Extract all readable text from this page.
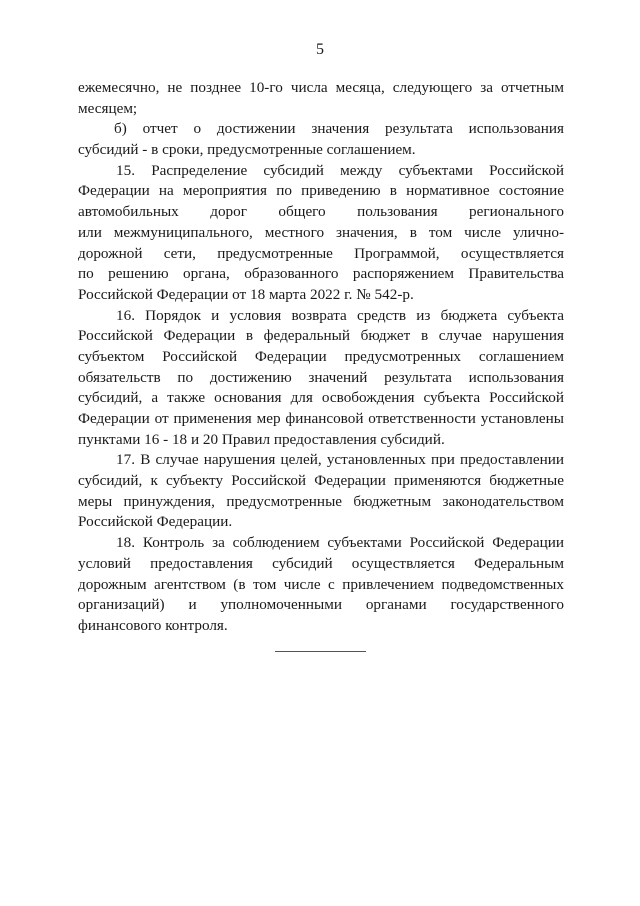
5
ежемесячно, не позднее 10-го числа месяца, следующего за отчетным
месяцем;
б) отчет о достижении значения результата использования
субсидий - в сроки, предусмотренные соглашением.
15. Распределение субсидий между субъектами Российской
Федерации на мероприятия по приведению в нормативное состояние
автомобильных дорог общего пользования регионального
или межмуниципального, местного значения, в том числе улично-
дорожной сети, предусмотренные Программой, осуществляется
по решению органа, образованного распоряжением Правительства
Российской Федерации от 18 марта 2022 г. № 542-р.
16. Порядок и условия возврата средств из бюджета субъекта
Российской Федерации в федеральный бюджет в случае нарушения
субъектом Российской Федерации предусмотренных соглашением
обязательств по достижению значений результата использования
субсидий, а также основания для освобождения субъекта Российской
Федерации от применения мер финансовой ответственности установлены
пунктами 16 - 18 и 20 Правил предоставления субсидий.
17. В случае нарушения целей, установленных при предоставлении
субсидий, к субъекту Российской Федерации применяются бюджетные
меры принуждения, предусмотренные бюджетным законодательством
Российской Федерации.
18. Контроль за соблюдением субъектами Российской Федерации
условий предоставления субсидий осуществляется Федеральным
дорожным агентством (в том числе с привлечением подведомственных
организаций) и уполномоченными органами государственного
финансового контроля.
